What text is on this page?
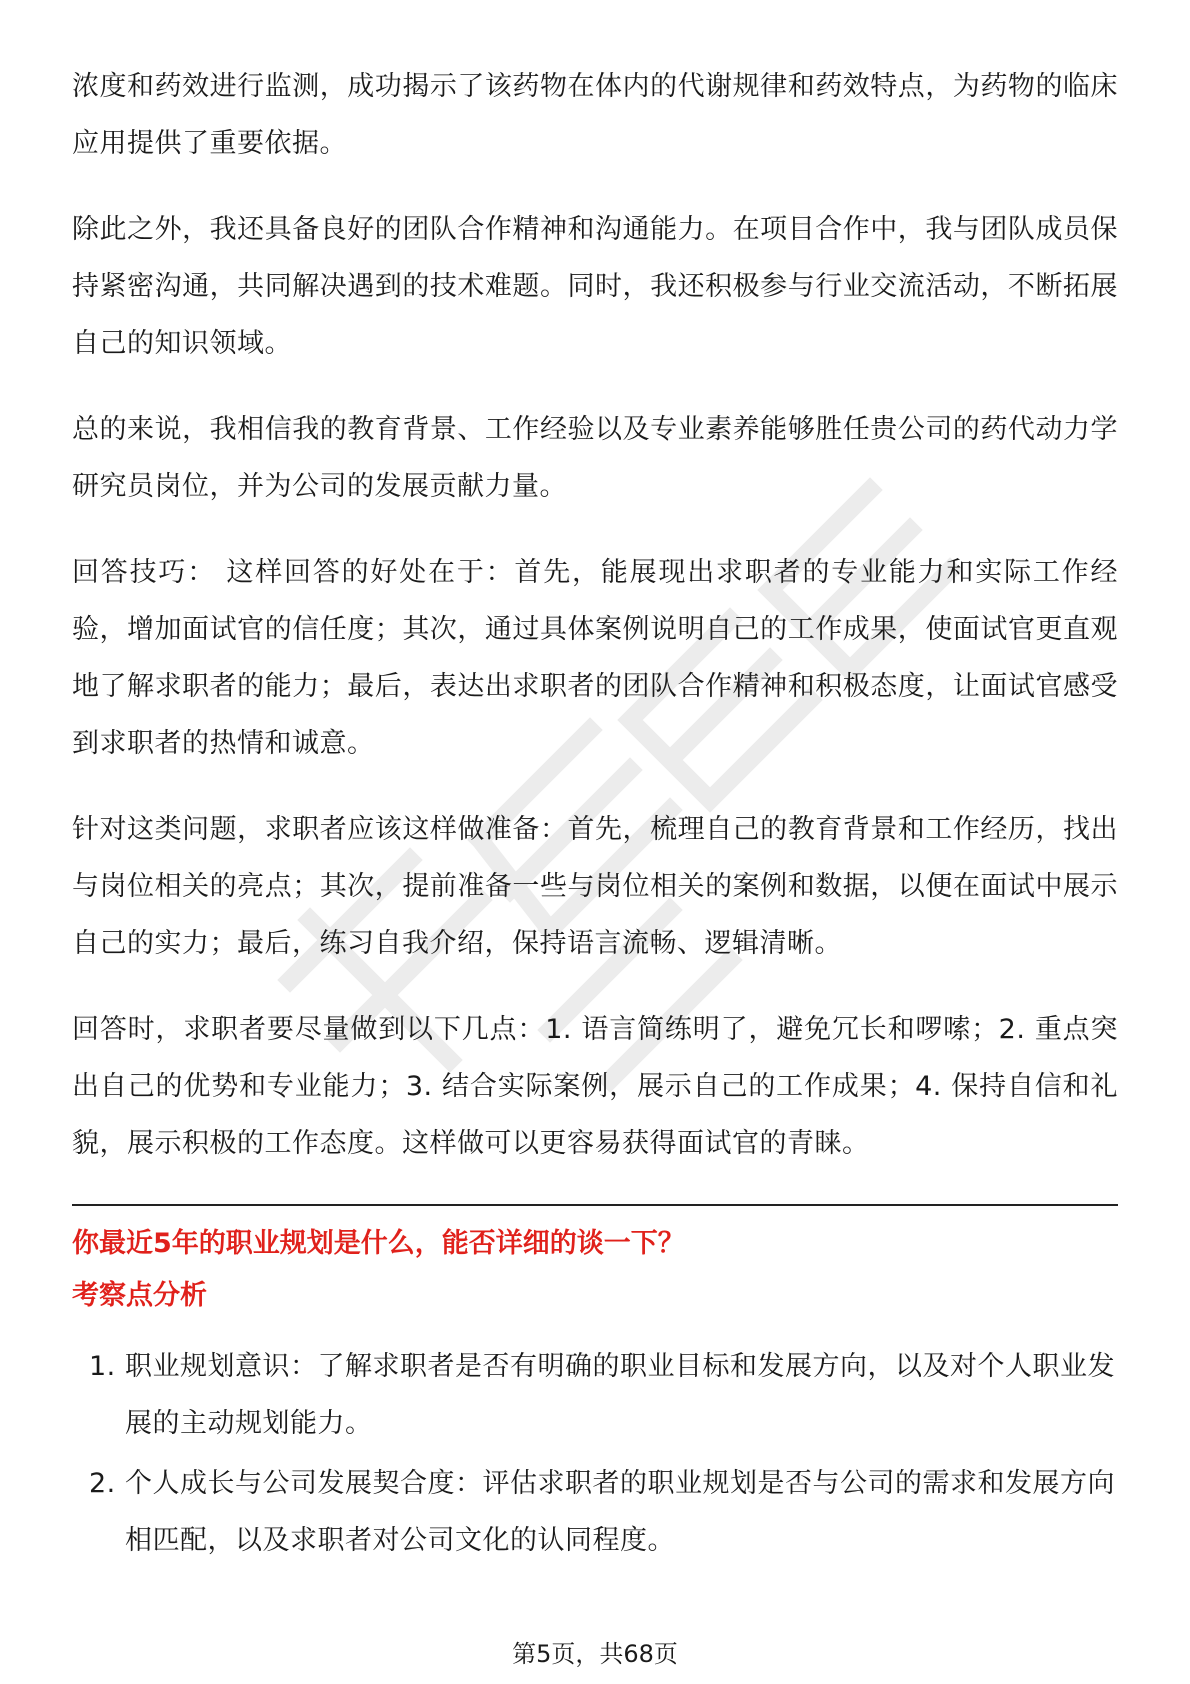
浓度和药效进行监测，成功揭示了该药物在体内的代谢规律和药效特点，为药物的临床应用提供了重要依据。

除此之外，我还具备良好的团队合作精神和沟通能力。在项目合作中，我与团队成员保持紧密沟通，共同解决遇到的技术难题。同时，我还积极参与行业交流活动，不断拓展自己的知识领域。

总的来说，我相信我的教育背景、工作经验以及专业素养能够胜任贵公司的药代动力学研究员岗位，并为公司的发展贡献力量。

回答技巧： 这样回答的好处在于：首先，能展现出求职者的专业能力和实际工作经验，增加面试官的信任度；其次，通过具体案例说明自己的工作成果，使面试官更直观地了解求职者的能力；最后，表达出求职者的团队合作精神和积极态度，让面试官感受到求职者的热情和诚意。

针对这类问题，求职者应该这样做准备：首先，梳理自己的教育背景和工作经历，找出与岗位相关的亮点；其次，提前准备一些与岗位相关的案例和数据，以便在面试中展示自己的实力；最后，练习自我介绍，保持语言流畅、逻辑清晰。

回答时，求职者要尽量做到以下几点：1. 语言简练明了，避免冗长和啰嗦；2. 重点突出自己的优势和专业能力；3. 结合实际案例，展示自己的工作成果；4. 保持自信和礼貌，展示积极的工作态度。这样做可以更容易获得面试官的青睐。

你最近5年的职业规划是什么，能否详细的谈一下？
考察点分析
1. 职业规划意识：了解求职者是否有明确的职业目标和发展方向，以及对个人职业发展的主动规划能力。
2. 个人成长与公司发展契合度：评估求职者的职业规划是否与公司的需求和发展方向相匹配，以及求职者对公司文化的认同程度。
第5页，共68页
